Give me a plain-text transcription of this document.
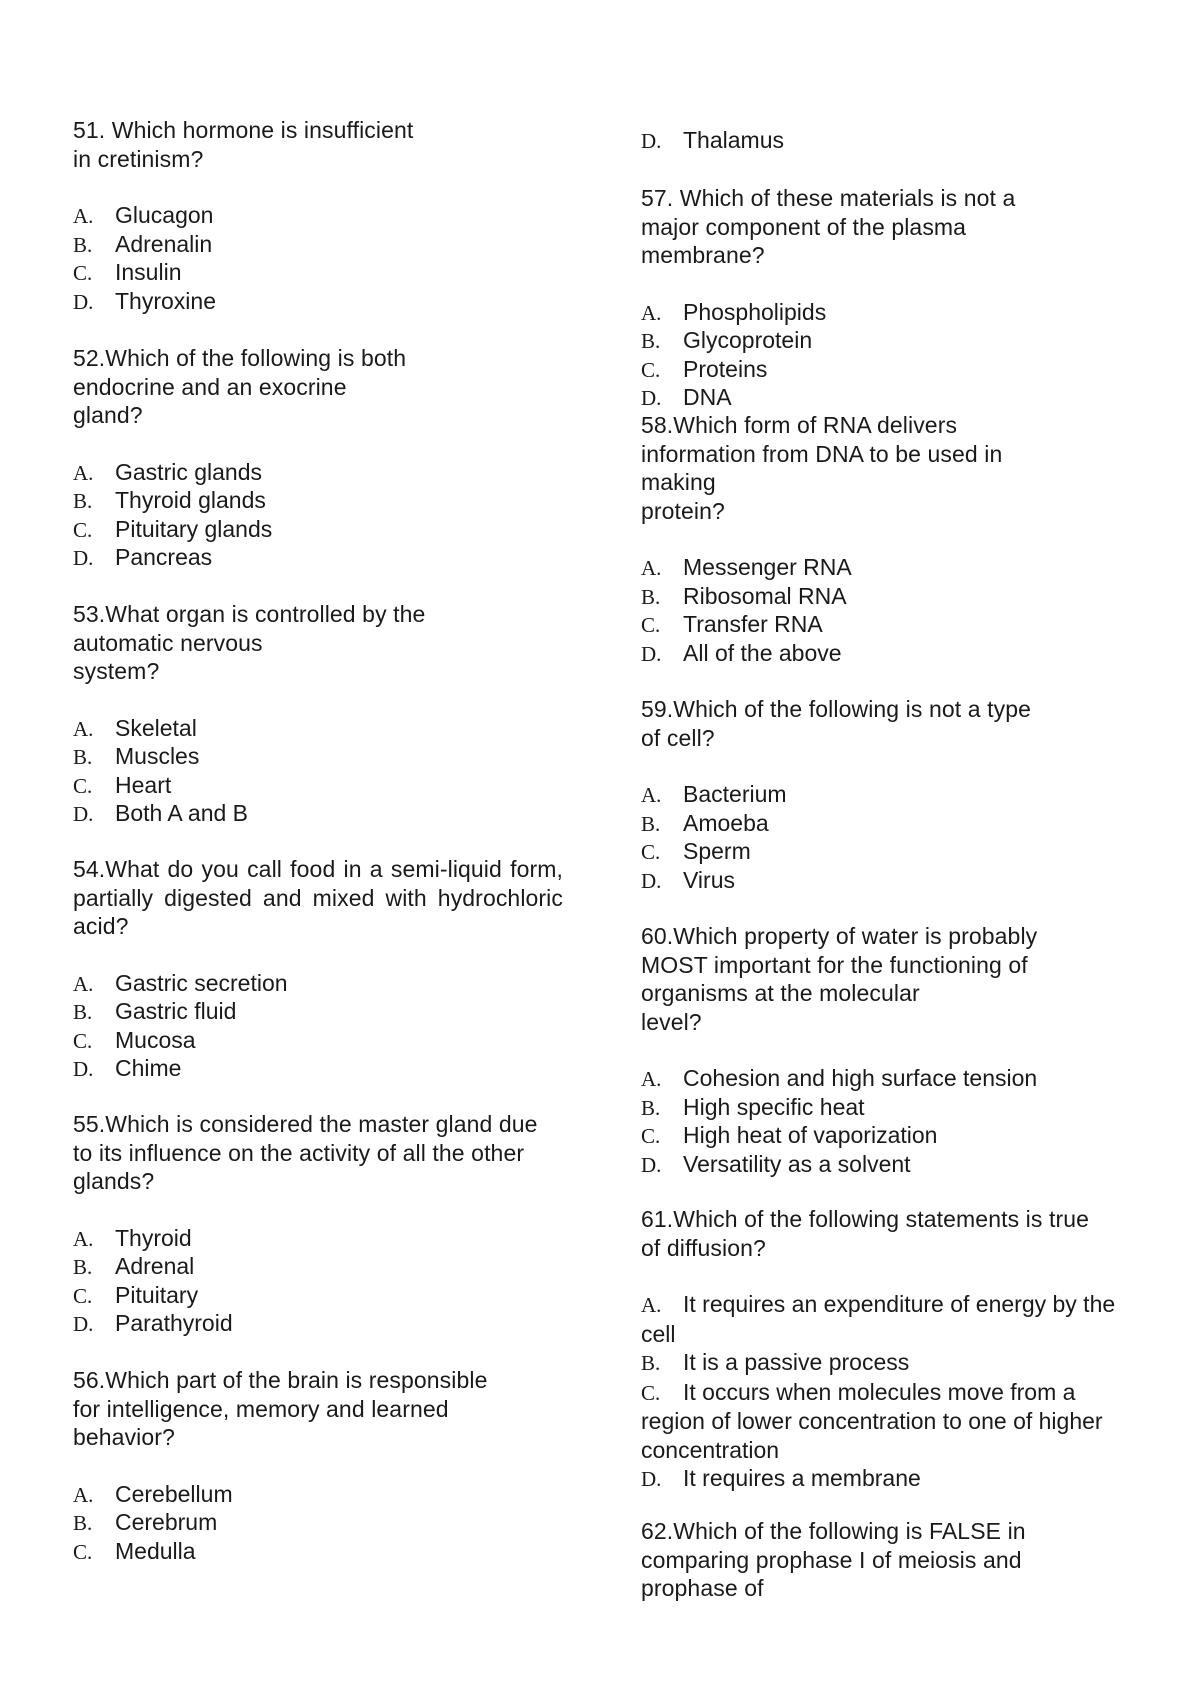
51. Which hormone is insufficient
in cretinism?

A. Glucagon
B. Adrenalin
C. Insulin
D. Thyroxine

52.Which of the following is both
endocrine and an exocrine
gland?

A. Gastric glands
B. Thyroid glands
C. Pituitary glands
D. Pancreas

53.What organ is controlled by the
automatic nervous
system?

A. Skeletal
B. Muscles
C. Heart
D. Both A and B

54.What do you call food in a semi-liquid form, partially digested and mixed with hydrochloric acid?

A. Gastric secretion
B. Gastric fluid
C. Mucosa
D. Chime

55.Which is considered the master gland due to its influence on the activity of all the other glands?

A. Thyroid
B. Adrenal
C. Pituitary
D. Parathyroid

56.Which part of the brain is responsible
for intelligence, memory and learned
behavior?

A. Cerebellum
B. Cerebrum
C. Medulla
D. Thalamus

57. Which of these materials is not a
major component of the plasma
membrane?

A. Phospholipids
B. Glycoprotein
C. Proteins
D. DNA

58.Which form of RNA delivers
information from DNA to be used in
making
protein?

A. Messenger RNA
B. Ribosomal RNA
C. Transfer RNA
D. All of the above

59.Which of the following is not a type
of cell?

A. Bacterium
B. Amoeba
C. Sperm
D. Virus

60.Which property of water is probably
MOST important for the functioning of
organisms at the molecular
level?

A. Cohesion and high surface tension
B. High specific heat
C. High heat of vaporization
D. Versatility as a solvent

61.Which of the following statements is true
of diffusion?

A. It requires an expenditure of energy by the cell
B. It is a passive process
C. It occurs when molecules move from a region of lower concentration to one of higher concentration
D. It requires a membrane

62.Which of the following is FALSE in
comparing prophase I of meiosis and
prophase of
